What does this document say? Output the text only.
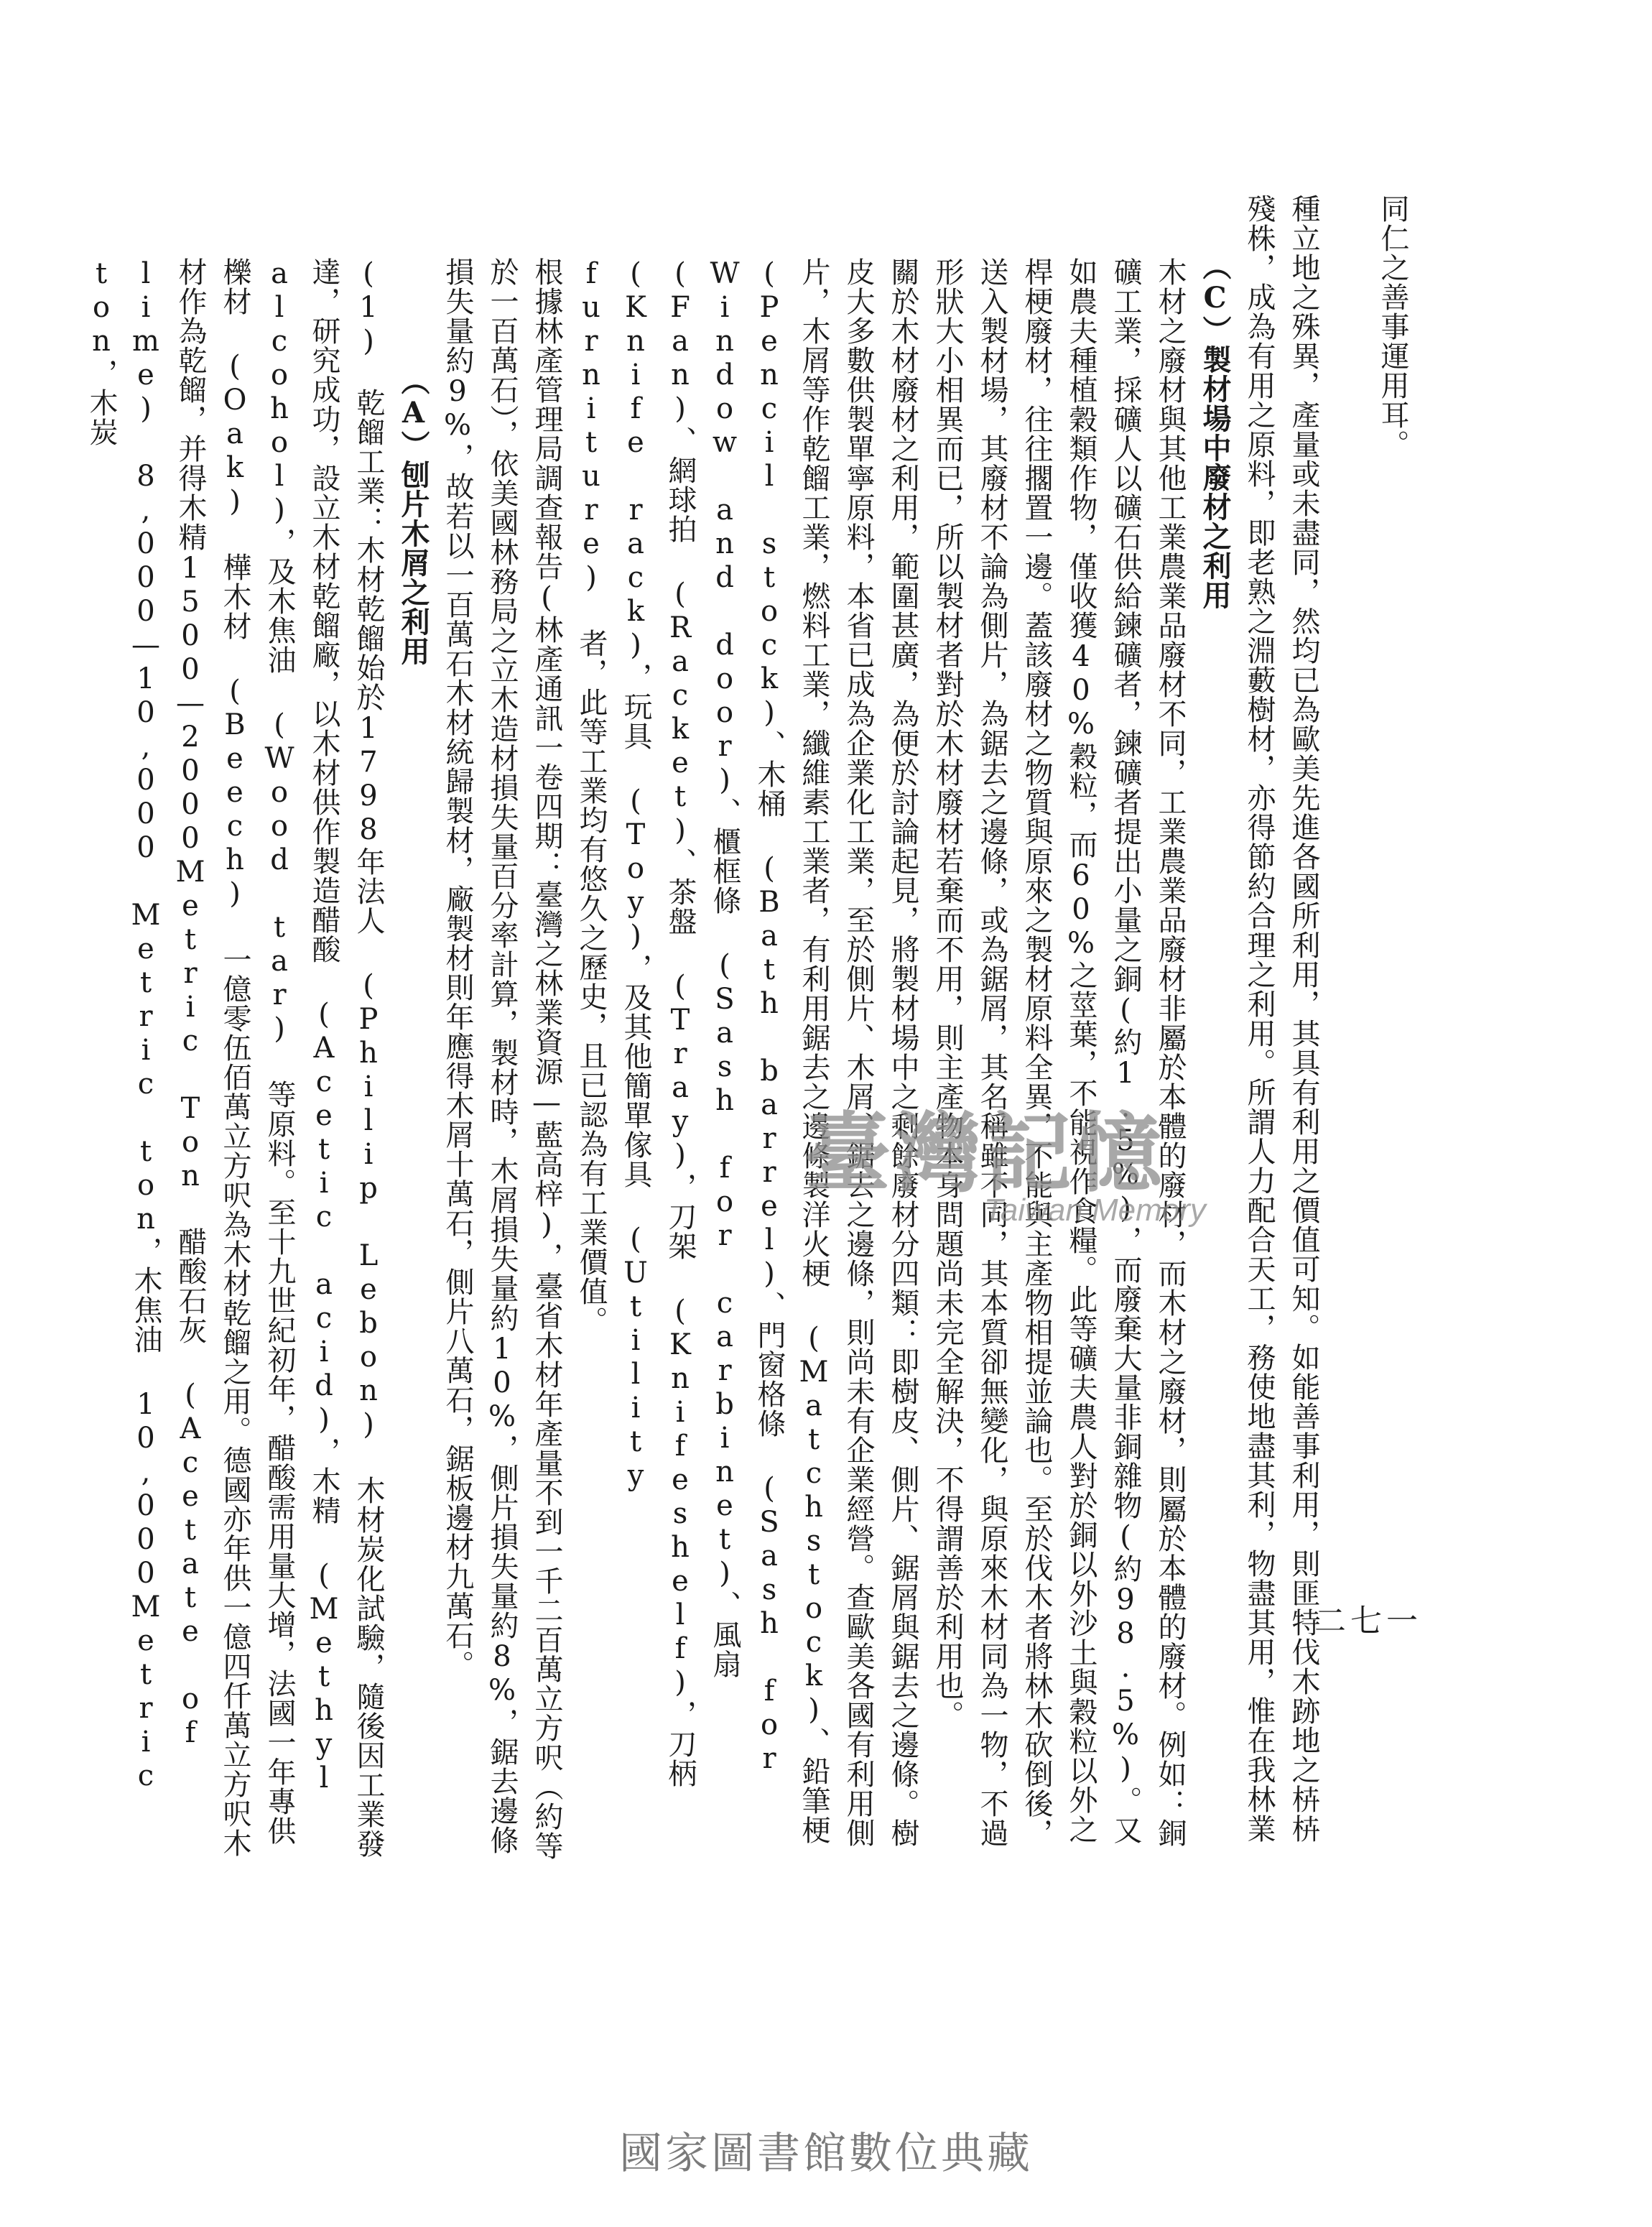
同仁之善事運用耳。

種立地之殊異，產量或未盡同，然均已為歐美先進各國所利用，其具有利用之價值可知。如能善事利用，則匪特伐木跡地之枿枿殘株，成為有用之原料，即老熟之淵藪樹材，亦得節約合理之利用。所謂人力配合天工，務使地盡其利，物盡其用，惟在我林業

（C）製材場中廢材之利用

木材之廢材與其他工業農業品廢材不同，工業農業品廢材非屬於本體的廢材，而木材之廢材，則屬於本體的廢材。例如：銅礦工業，採礦人以礦石供給鍊礦者，鍊礦者提出小量之銅(約1.5%)，而廢棄大量非銅雜物(約98.5%)。又如農夫種植穀類作物，僅收獲40%穀粒，而60%之莖葉，不能視作食糧。此等礦夫農人對於銅以外沙土與穀粒以外之桿梗廢材，往往擱置一邊。蓋該廢材之物質與原來之製材原料全異，不能與主產物相提並論也。至於伐木者將林木砍倒後，送入製材場，其廢材不論為側片，為鋸去之邊條，或為鋸屑，其名稱雖不同，其本質卻無變化，與原來木材同為一物，不過形狀大小相異而已，所以製材者對於木材廢材若棄而不用，則主產物本身問題尚未完全解決，不得謂善於利用也。

關於木材廢材之利用，範圍甚廣，為便於討論起見，將製材場中之剩餘廢材分四類：即樹皮、側片、鋸屑與鋸去之邊條。樹皮大多數供製單寧原料，本省已成為企業化工業，至於側片、木屑、鋸去之邊條，則尚未有企業經營。查歐美各國有利用側片，木屑等作乾餾工業，燃料工業，纖維素工業者，有利用鋸去之邊條製洋火梗 (Matchstock)、鉛筆梗 (Pencil stock)、木桶 (Bath barrel)、門窗格條 (Sash for Window and door)、櫃框條 (Sash for carbinet)、風扇 (Fan)、網球拍 (Racket)、茶盤 (Tray)，刀架 (Knifeshelf)，刀柄 (Knife rack)，玩具 (Toy)，及其他簡單傢具 (Utility furniture) 者，此等工業均有悠久之歷史，且已認為有工業價值。

根據林產管理局調查報告(林產通訊一卷四期：臺灣之林業資源—藍高梓)，臺省木材年產量不到一千二百萬立方呎（約等於一百萬石），依美國林務局之立木造材損失量百分率計算，製材時，木屑損失量約10%，側片損失量約8%，鋸去邊條損失量約9%，故若以一百萬石木材統歸製材，廠製材則年應得木屑十萬石，側片八萬石，鋸板邊材九萬石。

（A）刨片木屑之利用

(1)　乾餾工業：木材乾餾始於1798年法人 (Philip Lebon) 木材炭化試驗，隨後因工業發達，研究成功，設立木材乾餾廠，以木材供作製造醋酸 (Acetic acid)，木精 (Methyl alcohol)，及木焦油 (Wood tar) 等原料。至十九世紀初年，醋酸需用量大增，法國一年專供櫟材 (Oak) 樺木材 (Beech) 一億零伍佰萬立方呎為木材乾餾之用。德國亦年供一億四仟萬立方呎木材作為乾餾，并得木精1500—2000Metric Ton 醋酸石灰 (Acetate of lime) 8,000—10,000 Metric ton，木焦油 10,000Metric ton，木炭

二七一
臺灣記憶
Taiwan Memory
國家圖書館數位典藏
